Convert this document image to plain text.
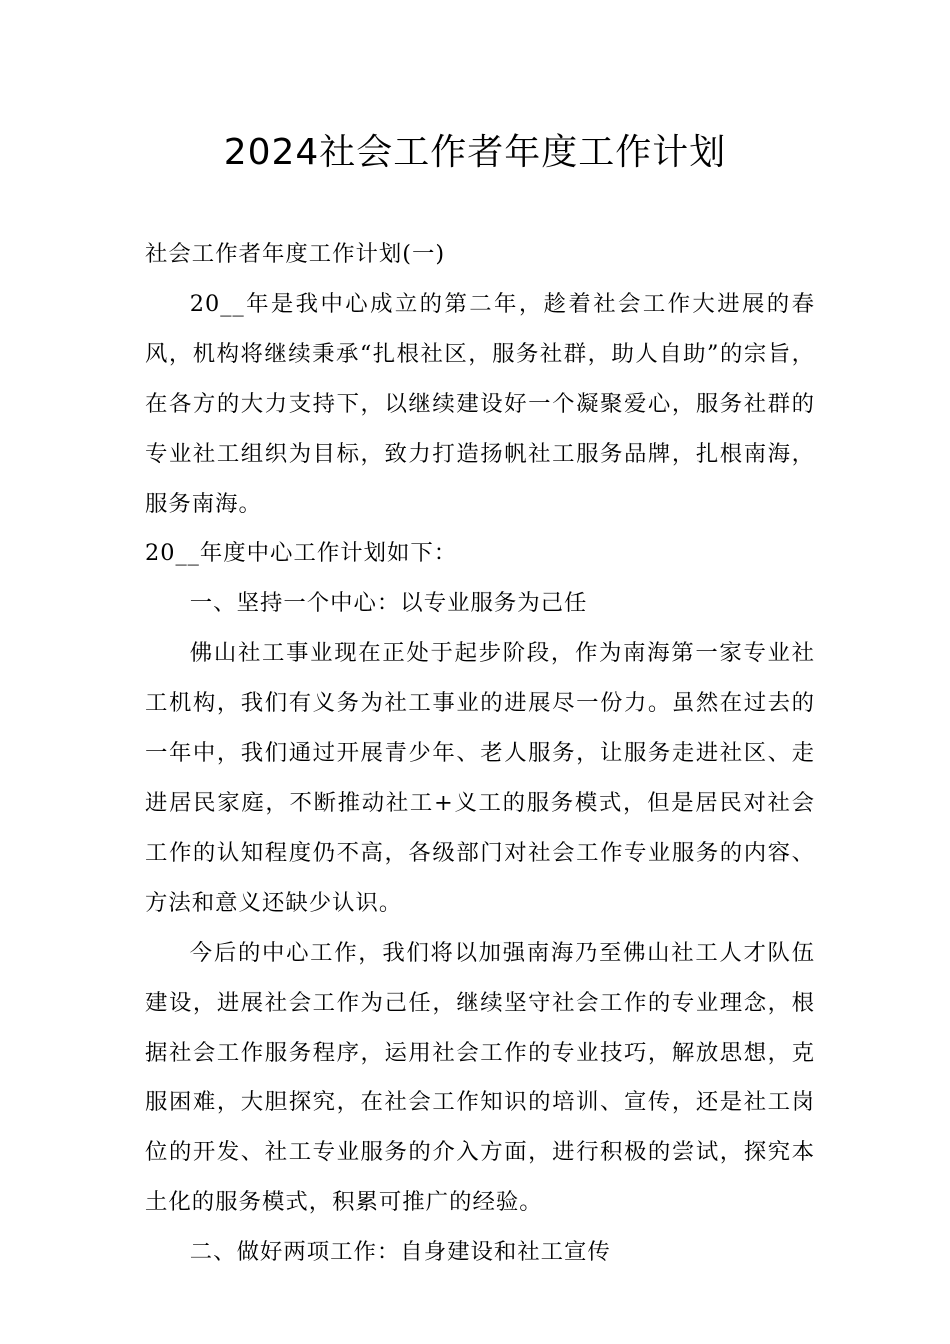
2024社会工作者年度工作计划

社会工作者年度工作计划(一)

20__年是我中心成立的第二年，趁着社会工作大进展的春风，机构将继续秉承“扎根社区，服务社群，助人自助”的宗旨，在各方的大力支持下，以继续建设好一个凝聚爱心，服务社群的专业社工组织为目标，致力打造扬帆社工服务品牌，扎根南海，服务南海。

20__年度中心工作计划如下：

一、坚持一个中心：以专业服务为己任

佛山社工事业现在正处于起步阶段，作为南海第一家专业社工机构，我们有义务为社工事业的进展尽一份力。虽然在过去的一年中，我们通过开展青少年、老人服务，让服务走进社区、走进居民家庭，不断推动社工+义工的服务模式，但是居民对社会工作的认知程度仍不高，各级部门对社会工作专业服务的内容、方法和意义还缺少认识。

今后的中心工作，我们将以加强南海乃至佛山社工人才队伍建设，进展社会工作为己任，继续坚守社会工作的专业理念，根据社会工作服务程序，运用社会工作的专业技巧，解放思想，克服困难，大胆探究，在社会工作知识的培训、宣传，还是社工岗位的开发、社工专业服务的介入方面，进行积极的尝试，探究本土化的服务模式，积累可推广的经验。

二、做好两项工作：自身建设和社工宣传
